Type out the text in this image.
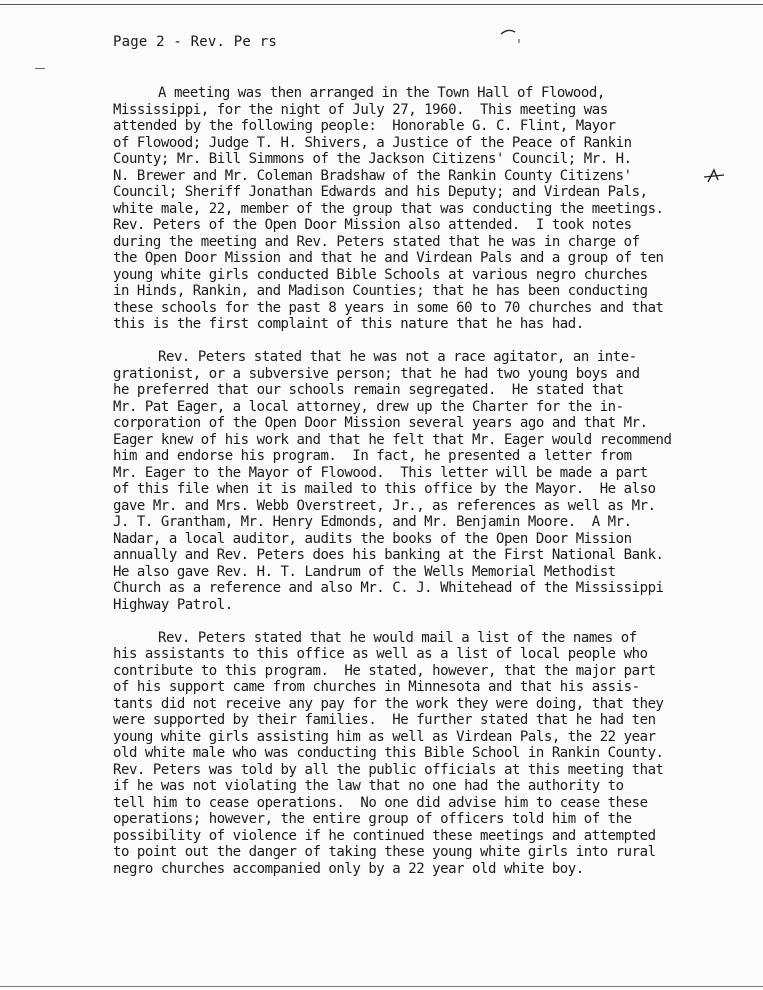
Page 2 - Rev. Pe rs
A meeting was then arranged in the Town Hall of Flowood,
Mississippi, for the night of July 27, 1960.  This meeting was
attended by the following people:  Honorable G. C. Flint, Mayor
of Flowood; Judge T. H. Shivers, a Justice of the Peace of Rankin
County; Mr. Bill Simmons of the Jackson Citizens' Council; Mr. H.
N. Brewer and Mr. Coleman Bradshaw of the Rankin County Citizens'
Council; Sheriff Jonathan Edwards and his Deputy; and Virdean Pals,
white male, 22, member of the group that was conducting the meetings.
Rev. Peters of the Open Door Mission also attended.  I took notes
during the meeting and Rev. Peters stated that he was in charge of
the Open Door Mission and that he and Virdean Pals and a group of ten
young white girls conducted Bible Schools at various negro churches
in Hinds, Rankin, and Madison Counties; that he has been conducting
these schools for the past 8 years in some 60 to 70 churches and that
this is the first complaint of this nature that he has had.
Rev. Peters stated that he was not a race agitator, an inte-
grationist, or a subversive person; that he had two young boys and
he preferred that our schools remain segregated.  He stated that
Mr. Pat Eager, a local attorney, drew up the Charter for the in-
corporation of the Open Door Mission several years ago and that Mr.
Eager knew of his work and that he felt that Mr. Eager would recommend
him and endorse his program.  In fact, he presented a letter from
Mr. Eager to the Mayor of Flowood.  This letter will be made a part
of this file when it is mailed to this office by the Mayor.  He also
gave Mr. and Mrs. Webb Overstreet, Jr., as references as well as Mr.
J. T. Grantham, Mr. Henry Edmonds, and Mr. Benjamin Moore.  A Mr.
Nadar, a local auditor, audits the books of the Open Door Mission
annually and Rev. Peters does his banking at the First National Bank.
He also gave Rev. H. T. Landrum of the Wells Memorial Methodist
Church as a reference and also Mr. C. J. Whitehead of the Mississippi
Highway Patrol.
Rev. Peters stated that he would mail a list of the names of
his assistants to this office as well as a list of local people who
contribute to this program.  He stated, however, that the major part
of his support came from churches in Minnesota and that his assis-
tants did not receive any pay for the work they were doing, that they
were supported by their families.  He further stated that he had ten
young white girls assisting him as well as Virdean Pals, the 22 year
old white male who was conducting this Bible School in Rankin County.
Rev. Peters was told by all the public officials at this meeting that
if he was not violating the law that no one had the authority to
tell him to cease operations.  No one did advise him to cease these
operations; however, the entire group of officers told him of the
possibility of violence if he continued these meetings and attempted
to point out the danger of taking these young white girls into rural
negro churches accompanied only by a 22 year old white boy.
